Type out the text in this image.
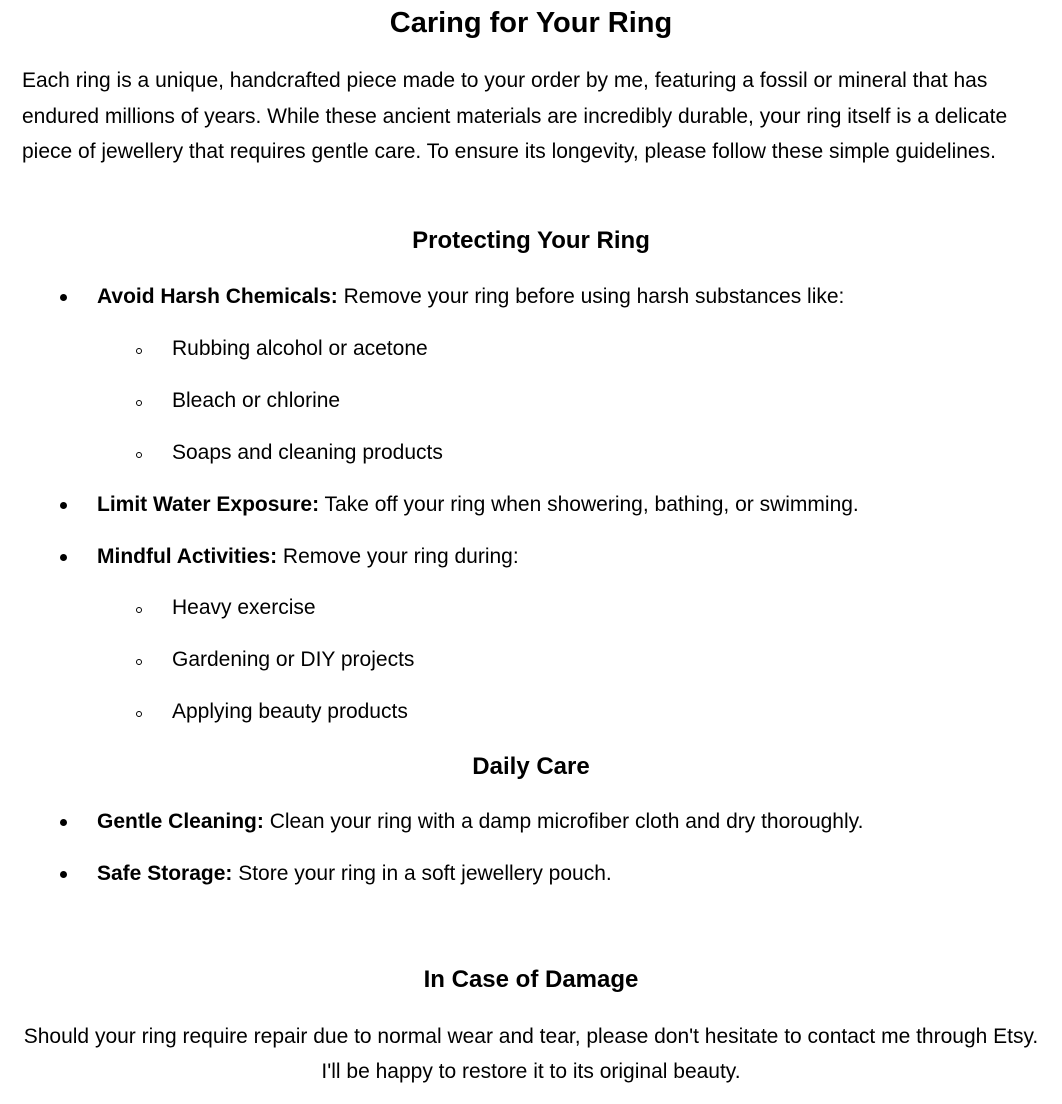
Caring for Your Ring

Each ring is a unique, handcrafted piece made to your order by me, featuring a fossil or mineral that has endured millions of years. While these ancient materials are incredibly durable, your ring itself is a delicate piece of jewellery that requires gentle care. To ensure its longevity, please follow these simple guidelines.

Protecting Your Ring
Avoid Harsh Chemicals: Remove your ring before using harsh substances like:
Rubbing alcohol or acetone
Bleach or chlorine
Soaps and cleaning products
Limit Water Exposure: Take off your ring when showering, bathing, or swimming.
Mindful Activities: Remove your ring during:
Heavy exercise
Gardening or DIY projects
Applying beauty products
Daily Care
Gentle Cleaning: Clean your ring with a damp microfiber cloth and dry thoroughly.
Safe Storage: Store your ring in a soft jewellery pouch.
In Case of Damage

Should your ring require repair due to normal wear and tear, please don't hesitate to contact me through Etsy. I'll be happy to restore it to its original beauty.
